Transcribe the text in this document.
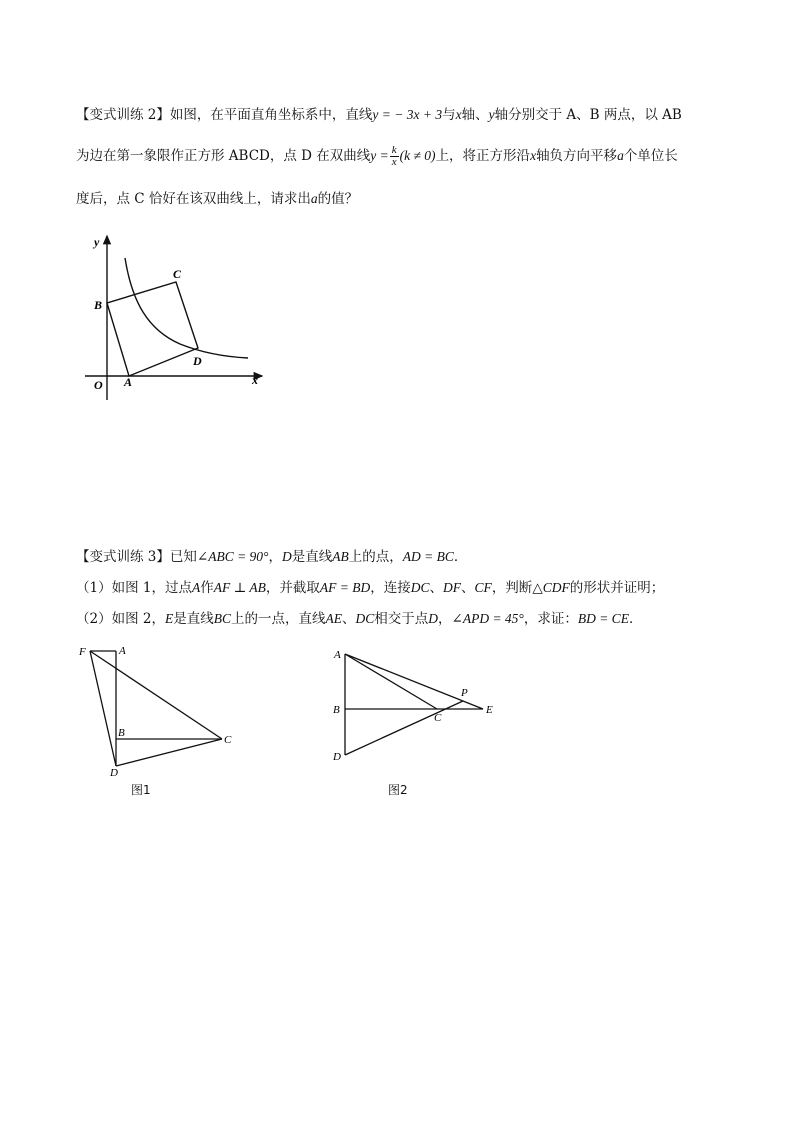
【变式训练 2】如图，在平面直角坐标系中，直线y = − 3x + 3与x轴、y轴分别交于 A、B 两点，以 AB
为边在第一象限作正方形 ABCD，点 D 在双曲线$y = \frac{k}{x} (k \ne 0)$上，将正方形沿x轴负方向平移a个单位长
度后，点 C 恰好在该双曲线上，请求出a的值？
y
x
O A
B
C
D
【变式训练 3】已知∠ABC = 90°，D是直线AB上的点，AD = BC．
（1）如图 1，过点A作AF ⊥ AB，并截取AF = BD，连接DC、DF、CF，判断△CDF的形状并证明；
（2）如图 2，E是直线BC上的一点，直线AE、DC相交于点D，∠APD = 45°，求证：BD = CE．
F	A
B
C
D
图1
A
B
C
D
E
P
图2
